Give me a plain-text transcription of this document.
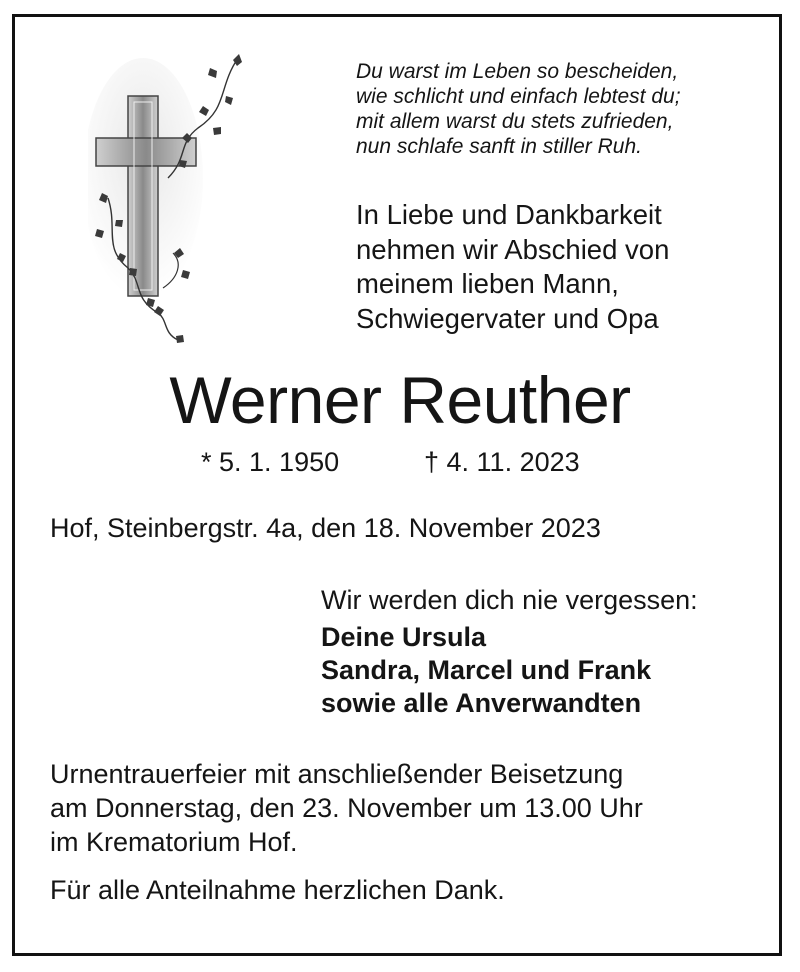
Du warst im Leben so bescheiden,
wie schlicht und einfach lebtest du;
mit allem warst du stets zufrieden,
nun schlafe sanft in stiller Ruh.
In Liebe und Dankbarkeit
nehmen wir Abschied von
meinem lieben Mann,
Schwiegervater und Opa
Werner Reuther
* 5. 1. 1950	† 4. 11. 2023
Hof, Steinbergstr. 4a, den 18. November 2023
Wir werden dich nie vergessen:
Deine Ursula
Sandra, Marcel und Frank
sowie alle Anverwandten
Urnentrauerfeier mit anschließender Beisetzung
am Donnerstag, den 23. November um 13.00 Uhr
im Krematorium Hof.
Für alle Anteilnahme herzlichen Dank.
